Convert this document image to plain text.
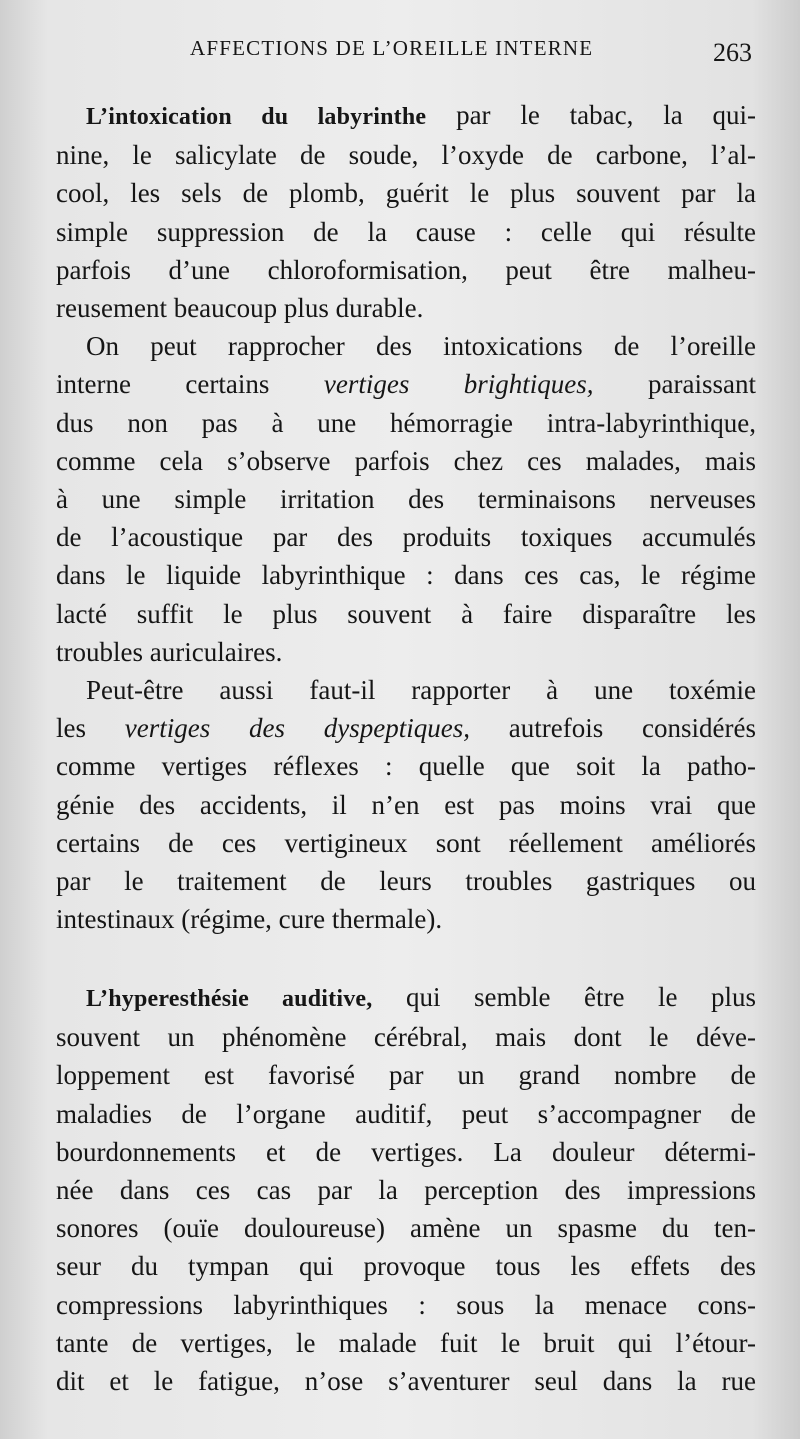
AFFECTIONS DE L’OREILLE INTERNE	263
L’intoxication du labyrinthe par le tabac, la qui-
nine, le salicylate de soude, l’oxyde de carbone, l’al-
cool, les sels de plomb, guérit le plus souvent par la
simple suppression de la cause : celle qui résulte
parfois d’une chloroformisation, peut être malheu-
reusement beaucoup plus durable.
On peut rapprocher des intoxications de l’oreille
interne certains vertiges brightiques, paraissant
dus non pas à une hémorragie intra-labyrinthique,
comme cela s’observe parfois chez ces malades, mais
à une simple irritation des terminaisons nerveuses
de l’acoustique par des produits toxiques accumulés
dans le liquide labyrinthique : dans ces cas, le régime
lacté suffit le plus souvent à faire disparaître les
troubles auriculaires.
Peut-être aussi faut-il rapporter à une toxémie
les vertiges des dyspeptiques, autrefois considérés
comme vertiges réflexes : quelle que soit la patho-
génie des accidents, il n’en est pas moins vrai que
certains de ces vertigineux sont réellement améliorés
par le traitement de leurs troubles gastriques ou
intestinaux (régime, cure thermale).
L’hyperesthésie auditive, qui semble être le plus
souvent un phénomène cérébral, mais dont le déve-
loppement est favorisé par un grand nombre de
maladies de l’organe auditif, peut s’accompagner de
bourdonnements et de vertiges. La douleur détermi-
née dans ces cas par la perception des impressions
sonores (ouïe douloureuse) amène un spasme du ten-
seur du tympan qui provoque tous les effets des
compressions labyrinthiques : sous la menace cons-
tante de vertiges, le malade fuit le bruit qui l’étour-
dit et le fatigue, n’ose s’aventurer seul dans la rue
